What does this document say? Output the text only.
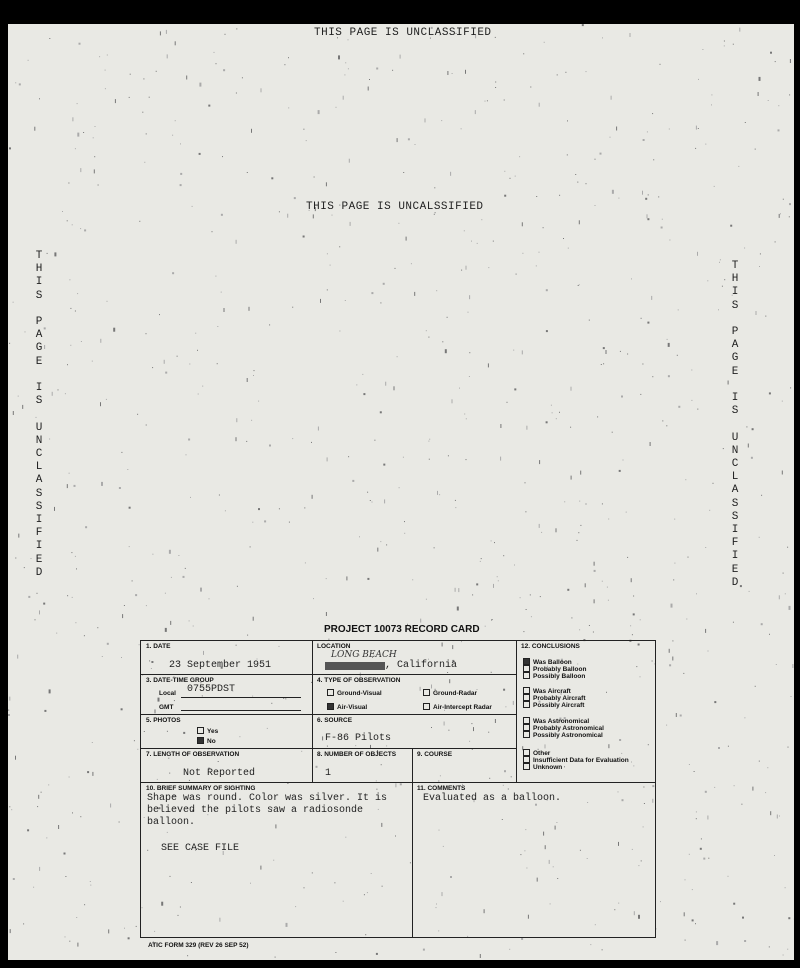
THIS PAGE IS UNCLASSIFIED
THIS PAGE IS UNCALSSIFIED
T
H
I
S

P
A
G
E

I
S

U
N
C
L
A
S
S
I
F
I
E
D
T
H
I
S

P
A
G
E

I
S

U
N
C
L
A
S
S
I
F
I
E
D
PROJECT 10073 RECORD CARD
1. DATE
23 September 1951
LOCATION
LONG BEACH
, California
3. DATE-TIME GROUP
Local 0755PDST
GMT
4. TYPE OF OBSERVATION
Ground-Visual	Ground-Radar
Air-Visual	Air-Intercept Radar
5. PHOTOS
Yes
No
6. SOURCE
F-86 Pilots
7. LENGTH OF OBSERVATION
Not Reported
8. NUMBER OF OBJECTS
1
9. COURSE
12. CONCLUSIONS
Was Balloon
Probably Balloon
Possibly Balloon
Was Aircraft
Probably Aircraft
Possibly Aircraft
Was Astronomical
Probably Astronomical
Possibly Astronomical
Other
Insufficient Data for Evaluation
Unknown
10. BRIEF SUMMARY OF SIGHTING
Shape was round. Color was silver. It is
believed the pilots saw a radiosonde balloon.
SEE CASE FILE
11. COMMENTS
Evaluated as a balloon.
ATIC FORM 329 (REV 26 SEP 52)
